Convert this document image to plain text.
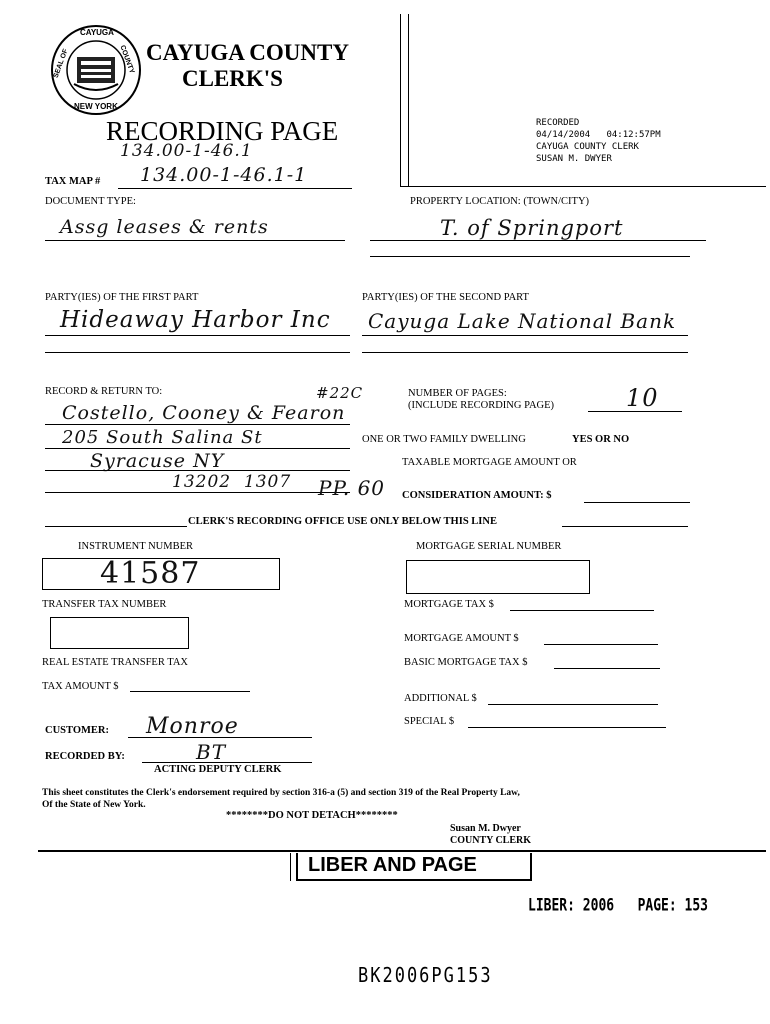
CAYUGA
SEAL OF	COUNTY
NEW YORK
CAYUGA COUNTY
CLERK'S
RECORDING PAGE	RECORDED
04/14/2004   04:12:57PM
CAYUGA COUNTY CLERK
SUSAN M. DWYER
134.00-1-46.1
TAX MAP # 134.00-1-46.1-1
DOCUMENT TYPE:
Assg leases & rents
PROPERTY LOCATION: (TOWN/CITY)
T. of Springport
PARTY(IES) OF THE FIRST PART
Hideaway Harbor Inc
PARTY(IES) OF THE SECOND PART
Cayuga Lake National Bank
RECORD & RETURN TO:	#22C
Costello, Cooney & Fearon
205 South Salina St
Syracuse NY
13202  1307 PP. 60
NUMBER OF PAGES:
(INCLUDE RECORDING PAGE)	10
ONE OR TWO FAMILY DWELLING	YES OR NO
TAXABLE MORTGAGE AMOUNT OR
CONSIDERATION AMOUNT: $
CLERK'S RECORDING OFFICE USE ONLY BELOW THIS LINE
INSTRUMENT NUMBER
41587
MORTGAGE SERIAL NUMBER
TRANSFER TAX NUMBER	MORTGAGE TAX $
MORTGAGE AMOUNT $
REAL ESTATE TRANSFER TAX	BASIC MORTGAGE TAX $
TAX AMOUNT $
ADDITIONAL $
SPECIAL $
CUSTOMER: Monroe
RECORDED BY:	BT
ACTING DEPUTY CLERK
This sheet constitutes the Clerk's endorsement required by section 316-a (5) and section 319 of the Real Property Law,
Of the State of New York.
********DO NOT DETACH********
Susan M. Dwyer
COUNTY CLERK
LIBER AND PAGE
LIBER: 2006   PAGE: 153
BK2006PG153
